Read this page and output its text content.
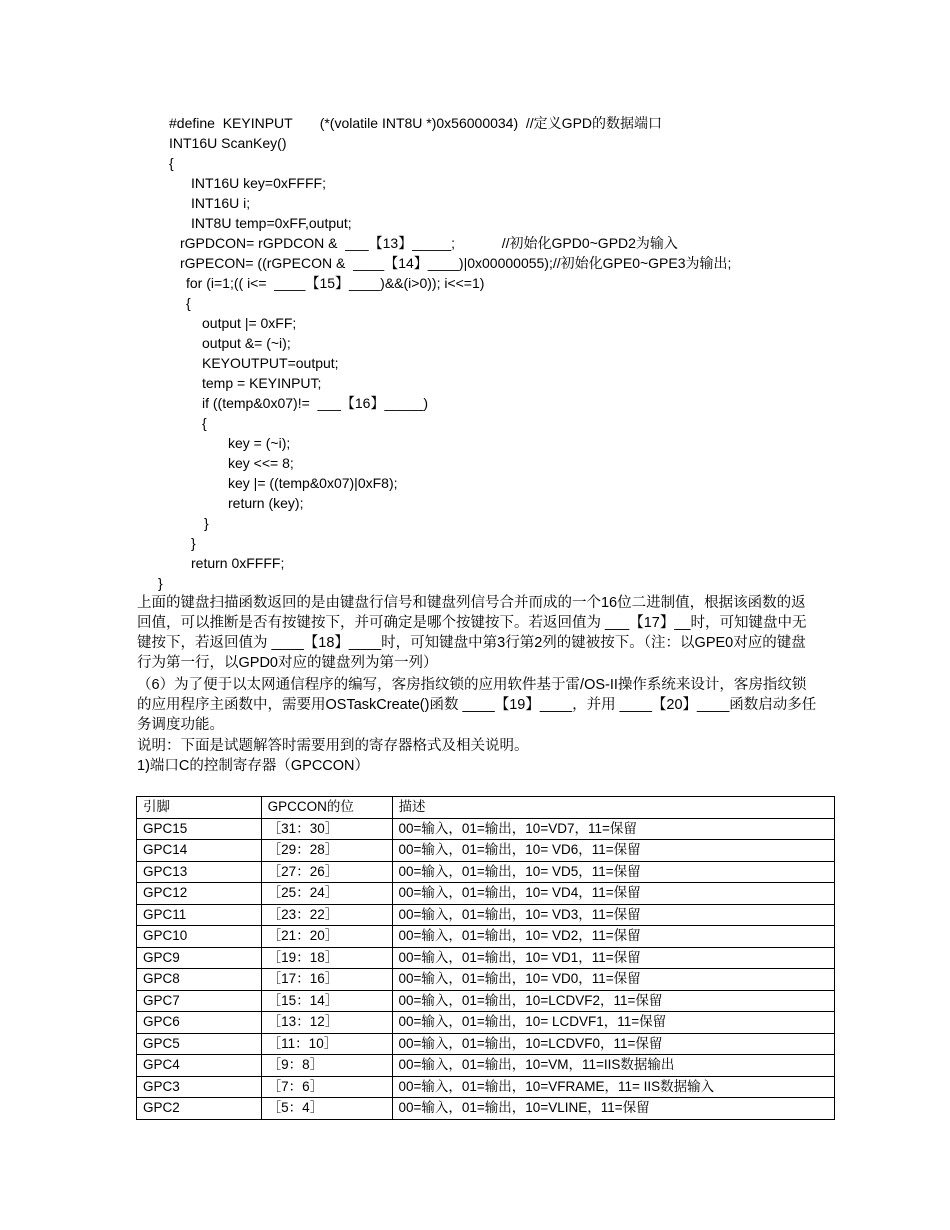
#define  KEYINPUT       (*(volatile INT8U *)0x56000034)  //定义GPD的数据端口
INT16U ScanKey()
{
INT16U key=0xFFFF;
INT16U i;
INT8U temp=0xFF,output;
rGPDCON= rGPDCON &  ___【13】_____;            //初始化GPD0~GPD2为输入
rGPECON= ((rGPECON &  ____【14】____)|0x00000055);//初始化GPE0~GPE3为输出;
for (i=1;(( i<=  ____【15】____)&&(i>0)); i<<=1)
{
output |= 0xFF;
output &= (~i);
KEYOUTPUT=output;
temp = KEYINPUT;
if ((temp&0x07)!=  ___【16】_____)
{
key = (~i);
key <<= 8;
key |= ((temp&0x07)|0xF8);
return (key);
}
}
return 0xFFFF;
}
上面的键盘扫描函数返回的是由键盘行信号和键盘列信号合并而成的一个16位二进制值，根据该函数的返回值，可以推断是否有按键按下，并可确定是哪个按键按下。若返回值为 ___【17】__时，可知键盘中无键按下，若返回值为 ____【18】____时，可知键盘中第3行第2列的键被按下。（注：以GPE0对应的键盘行为第一行，以GPD0对应的键盘列为第一列）
（6）为了便于以太网通信程序的编写，客房指纹锁的应用软件基于雷/OS-II操作系统来设计，客房指纹锁的应用程序主函数中，需要用OSTaskCreate()函数 ____【19】____，并用 ____【20】____函数启动多任务调度功能。
说明：下面是试题解答时需要用到的寄存器格式及相关说明。
1)端口C的控制寄存器（GPCCON）
引脚	GPCCON的位	描述
GPC15	［31：30］	00=输入，01=输出，10=VD7，11=保留
GPC14	［29：28］	00=输入，01=输出，10= VD6，11=保留
GPC13	［27：26］	00=输入，01=输出，10= VD5，11=保留
GPC12	［25：24］	00=输入，01=输出，10= VD4，11=保留
GPC11	［23：22］	00=输入，01=输出，10= VD3，11=保留
GPC10	［21：20］	00=输入，01=输出，10= VD2，11=保留
GPC9	［19：18］	00=输入，01=输出，10= VD1，11=保留
GPC8	［17：16］	00=输入，01=输出，10= VD0，11=保留
GPC7	［15：14］	00=输入，01=输出，10=LCDVF2，11=保留
GPC6	［13：12］	00=输入，01=输出，10= LCDVF1，11=保留
GPC5	［11：10］	00=输入，01=输出，10=LCDVF0，11=保留
GPC4	［9：8］	00=输入，01=输出，10=VM，11=IIS数据输出
GPC3	［7：6］	00=输入，01=输出，10=VFRAME，11= IIS数据输入
GPC2	［5：4］	00=输入，01=输出，10=VLINE，11=保留
